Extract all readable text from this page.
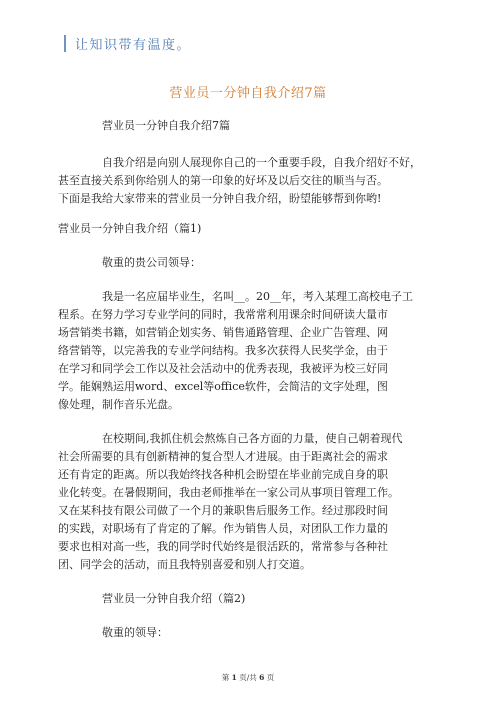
让知识带有温度。
营业员一分钟自我介绍7篇
营业员一分钟自我介绍7篇
自我介绍是向别人展现你自己的一个重要手段，自我介绍好不好，
甚至直接关系到你给别人的第一印象的好坏及以后交往的顺当与否。
下面是我给大家带来的营业员一分钟自我介绍，盼望能够帮到你哟!
营业员一分钟自我介绍（篇1)
敬重的贵公司领导：
我是一名应届毕业生，名叫__。20__年，考入某理工高校电子工
程系。在努力学习专业学问的同时，我常常利用课余时间研读大量市
场营销类书籍，如营销企划实务、销售通路管理、企业广告管理、网
络营销等，以完善我的专业学问结构。我多次获得人民奖学金，由于
在学习和同学会工作以及社会活动中的优秀表现，我被评为校三好同
学。能娴熟运用word、excel等office软件，会简洁的文字处理，图
像处理，制作音乐光盘。
在校期间,我抓住机会熬炼自己各方面的力量，使自己朝着现代
社会所需要的具有创新精神的复合型人才进展。由于距离社会的需求
还有肯定的距离。所以我始终找各种机会盼望在毕业前完成自身的职
业化转变。在暑假期间，我由老师推举在一家公司从事项目管理工作。
又在某科技有限公司做了一个月的兼职售后服务工作。经过那段时间
的实践，对职场有了肯定的了解。作为销售人员，对团队工作力量的
要求也相对高一些，我的同学时代始终是很活跃的，常常参与各种社
团、同学会的活动，而且我特别喜爱和别人打交道。
营业员一分钟自我介绍（篇2)
敬重的领导：
第 1 页/共 6 页
